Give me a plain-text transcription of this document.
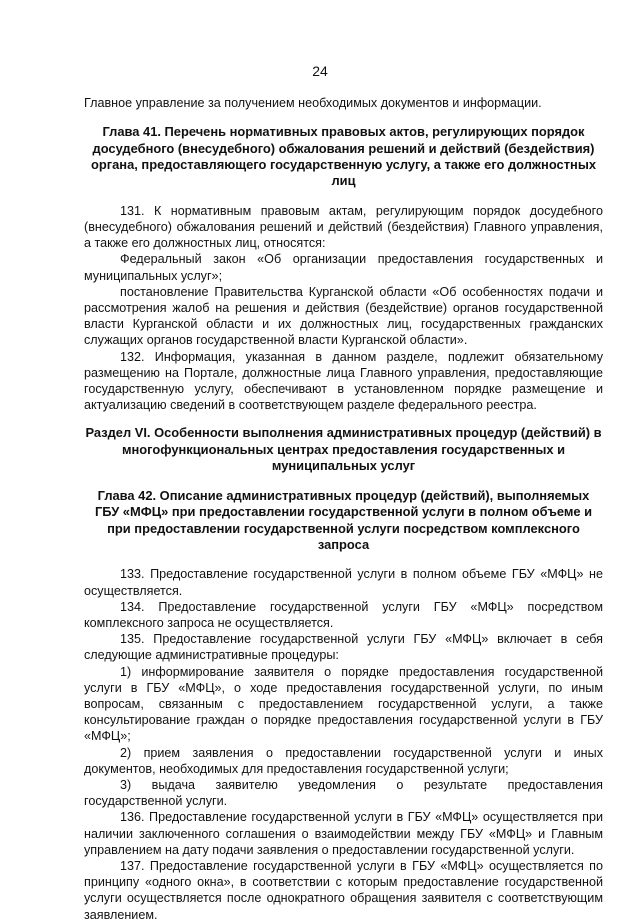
24

Главное управление за получением необходимых документов и информации.

Глава 41. Перечень нормативных правовых актов, регулирующих порядок досудебного (внесудебного) обжалования решений и действий (бездействия) органа, предоставляющего государственную услугу, а также его должностных лиц

131. К нормативным правовым актам, регулирующим порядок досудебного (внесудебного) обжалования решений и действий (бездействия) Главного управления, а также его должностных лиц, относятся:

Федеральный закон «Об организации предоставления государственных и муниципальных услуг»;

постановление Правительства Курганской области «Об особенностях подачи и рассмотрения жалоб на решения и действия (бездействие) органов государственной власти Курганской области и их должностных лиц, государственных гражданских служащих органов государственной власти Курганской области».

132. Информация, указанная в данном разделе, подлежит обязательному размещению на Портале, должностные лица Главного управления, предоставляющие государственную услугу, обеспечивают в установленном порядке размещение и актуализацию сведений в соответствующем разделе федерального реестра.

Раздел VI. Особенности выполнения административных процедур (действий) в многофункциональных центрах предоставления государственных и муниципальных услуг

Глава 42. Описание административных процедур (действий), выполняемых ГБУ «МФЦ» при предоставлении государственной услуги в полном объеме и при предоставлении государственной услуги посредством комплексного запроса

133. Предоставление государственной услуги в полном объеме ГБУ «МФЦ» не осуществляется.

134. Предоставление государственной услуги ГБУ «МФЦ» посредством комплексного запроса не осуществляется.

135. Предоставление государственной услуги ГБУ «МФЦ» включает в себя следующие административные процедуры:

1) информирование заявителя о порядке предоставления государственной услуги в ГБУ «МФЦ», о ходе предоставления государственной услуги, по иным вопросам, связанным с предоставлением государственной услуги, а также консультирование граждан о порядке предоставления государственной услуги в ГБУ «МФЦ»;

2) прием заявления о предоставлении государственной услуги и иных документов, необходимых для предоставления государственной услуги;

3) выдача заявителю уведомления о результате предоставления государственной услуги.

136. Предоставление государственной услуги в ГБУ «МФЦ» осуществляется при наличии заключенного соглашения о взаимодействии между ГБУ «МФЦ» и Главным управлением на дату подачи заявления о предоставлении государственной услуги.

137. Предоставление государственной услуги в ГБУ «МФЦ» осуществляется по принципу «одного окна», в соответствии с которым предоставление государственной услуги осуществляется после однократного обращения заявителя с соответствующим заявлением.
